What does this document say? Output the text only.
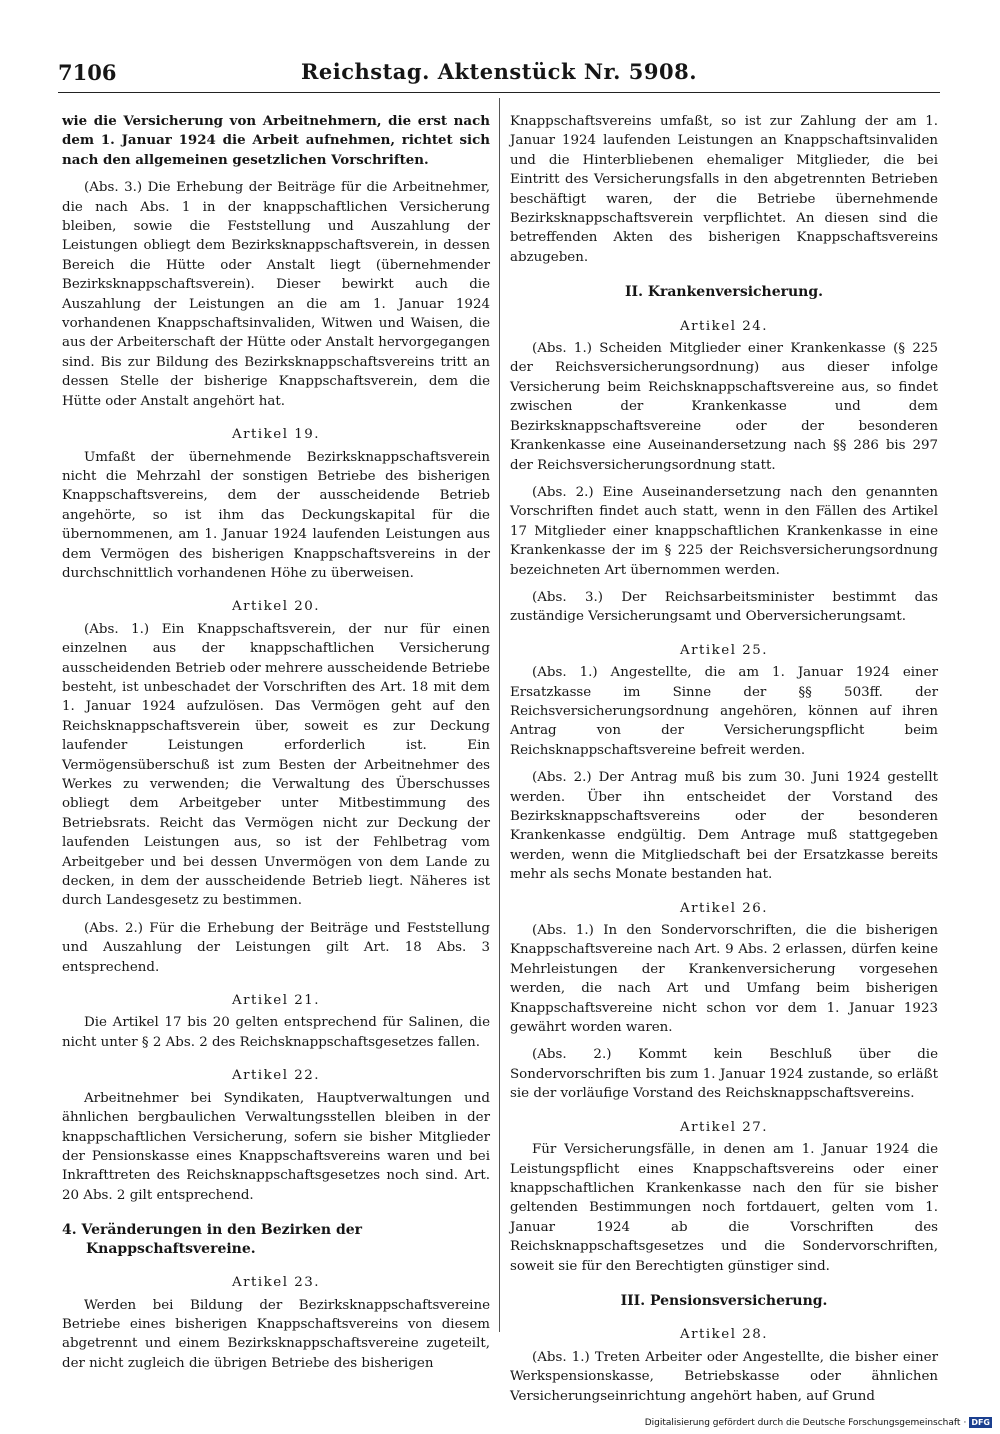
Reichstag. Aktenstück Nr. 5908.
7106

wie die Versicherung von Arbeitnehmern, die erst nach dem 1. Januar 1924 die Arbeit aufnehmen, richtet sich nach den allgemeinen gesetzlichen Vorschriften.

(Abs. 3.) Die Erhebung der Beiträge für die Arbeitnehmer, die nach Abs. 1 in der knappschaftlichen Versicherung bleiben, sowie die Feststellung und Auszahlung der Leistungen obliegt dem Bezirksknappschaftsverein, in dessen Bereich die Hütte oder Anstalt liegt (übernehmender Bezirksknappschaftsverein). Dieser bewirkt auch die Auszahlung der Leistungen an die am 1. Januar 1924 vorhandenen Knappschaftsinvaliden, Witwen und Waisen, die aus der Arbeiterschaft der Hütte oder Anstalt hervorgegangen sind. Bis zur Bildung des Bezirksknappschaftsvereins tritt an dessen Stelle der bisherige Knappschaftsverein, dem die Hütte oder Anstalt angehört hat.

Artikel 19.

Umfaßt der übernehmende Bezirksknappschaftsverein nicht die Mehrzahl der sonstigen Betriebe des bisherigen Knappschaftsvereins, dem der ausscheidende Betrieb angehörte, so ist ihm das Deckungskapital für die übernommenen, am 1. Januar 1924 laufenden Leistungen aus dem Vermögen des bisherigen Knappschaftsvereins in der durchschnittlich vorhandenen Höhe zu überweisen.

Artikel 20.

(Abs. 1.) Ein Knappschaftsverein, der nur für einen einzelnen aus der knappschaftlichen Versicherung ausscheidenden Betrieb oder mehrere ausscheidende Betriebe besteht, ist unbeschadet der Vorschriften des Art. 18 mit dem 1. Januar 1924 aufzulösen. Das Vermögen geht auf den Reichsknappschaftsverein über, soweit es zur Deckung laufender Leistungen erforderlich ist. Ein Vermögensüberschuß ist zum Besten der Arbeitnehmer des Werkes zu verwenden; die Verwaltung des Überschusses obliegt dem Arbeitgeber unter Mitbestimmung des Betriebsrats. Reicht das Vermögen nicht zur Deckung der laufenden Leistungen aus, so ist der Fehlbetrag vom Arbeitgeber und bei dessen Unvermögen von dem Lande zu decken, in dem der ausscheidende Betrieb liegt. Näheres ist durch Landesgesetz zu bestimmen.

(Abs. 2.) Für die Erhebung der Beiträge und Feststellung und Auszahlung der Leistungen gilt Art. 18 Abs. 3 entsprechend.

Artikel 21.

Die Artikel 17 bis 20 gelten entsprechend für Salinen, die nicht unter § 2 Abs. 2 des Reichsknappschaftsgesetzes fallen.

Artikel 22.

Arbeitnehmer bei Syndikaten, Hauptverwaltungen und ähnlichen bergbaulichen Verwaltungsstellen bleiben in der knappschaftlichen Versicherung, sofern sie bisher Mitglieder der Pensionskasse eines Knappschaftsvereins waren und bei Inkrafttreten des Reichsknappschaftsgesetzes noch sind. Art. 20 Abs. 2 gilt entsprechend.

4. Veränderungen in den Bezirken der Knappschaftsvereine.
Artikel 23.

Werden bei Bildung der Bezirksknappschaftsvereine Betriebe eines bisherigen Knappschaftsvereins von diesem abgetrennt und einem Bezirksknappschaftsvereine zugeteilt, der nicht zugleich die übrigen Betriebe des bisherigen

Knappschaftsvereins umfaßt, so ist zur Zahlung der am 1. Januar 1924 laufenden Leistungen an Knappschaftsinvaliden und die Hinterbliebenen ehemaliger Mitglieder, die bei Eintritt des Versicherungsfalls in den abgetrennten Betrieben beschäftigt waren, der die Betriebe übernehmende Bezirksknappschaftsverein verpflichtet. An diesen sind die betreffenden Akten des bisherigen Knappschaftsvereins abzugeben.

II. Krankenversicherung.
Artikel 24.

(Abs. 1.) Scheiden Mitglieder einer Krankenkasse (§ 225 der Reichsversicherungsordnung) aus dieser infolge Versicherung beim Reichsknappschaftsvereine aus, so findet zwischen der Krankenkasse und dem Bezirksknappschaftsvereine oder der besonderen Krankenkasse eine Auseinandersetzung nach §§ 286 bis 297 der Reichsversicherungsordnung statt.

(Abs. 2.) Eine Auseinandersetzung nach den genannten Vorschriften findet auch statt, wenn in den Fällen des Artikel 17 Mitglieder einer knappschaftlichen Krankenkasse in eine Krankenkasse der im § 225 der Reichsversicherungsordnung bezeichneten Art übernommen werden.

(Abs. 3.) Der Reichsarbeitsminister bestimmt das zuständige Versicherungsamt und Oberversicherungsamt.

Artikel 25.

(Abs. 1.) Angestellte, die am 1. Januar 1924 einer Ersatzkasse im Sinne der §§ 503ff. der Reichsversicherungsordnung angehören, können auf ihren Antrag von der Versicherungspflicht beim Reichsknappschaftsvereine befreit werden.

(Abs. 2.) Der Antrag muß bis zum 30. Juni 1924 gestellt werden. Über ihn entscheidet der Vorstand des Bezirksknappschaftsvereins oder der besonderen Krankenkasse endgültig. Dem Antrage muß stattgegeben werden, wenn die Mitgliedschaft bei der Ersatzkasse bereits mehr als sechs Monate bestanden hat.

Artikel 26.

(Abs. 1.) In den Sondervorschriften, die die bisherigen Knappschaftsvereine nach Art. 9 Abs. 2 erlassen, dürfen keine Mehrleistungen der Krankenversicherung vorgesehen werden, die nach Art und Umfang beim bisherigen Knappschaftsvereine nicht schon vor dem 1. Januar 1923 gewährt worden waren.

(Abs. 2.) Kommt kein Beschluß über die Sondervorschriften bis zum 1. Januar 1924 zustande, so erläßt sie der vorläufige Vorstand des Reichsknappschaftsvereins.

Artikel 27.

Für Versicherungsfälle, in denen am 1. Januar 1924 die Leistungspflicht eines Knappschaftsvereins oder einer knappschaftlichen Krankenkasse nach den für sie bisher geltenden Bestimmungen noch fortdauert, gelten vom 1. Januar 1924 ab die Vorschriften des Reichsknappschaftsgesetzes und die Sondervorschriften, soweit sie für den Berechtigten günstiger sind.

III. Pensionsversicherung.
Artikel 28.

(Abs. 1.) Treten Arbeiter oder Angestellte, die bisher einer Werkspensionskasse, Betriebskasse oder ähnlichen Versicherungseinrichtung angehört haben, auf Grund

Digitalisierung gefördert durch die Deutsche Forschungsgemeinschaft · DFG
